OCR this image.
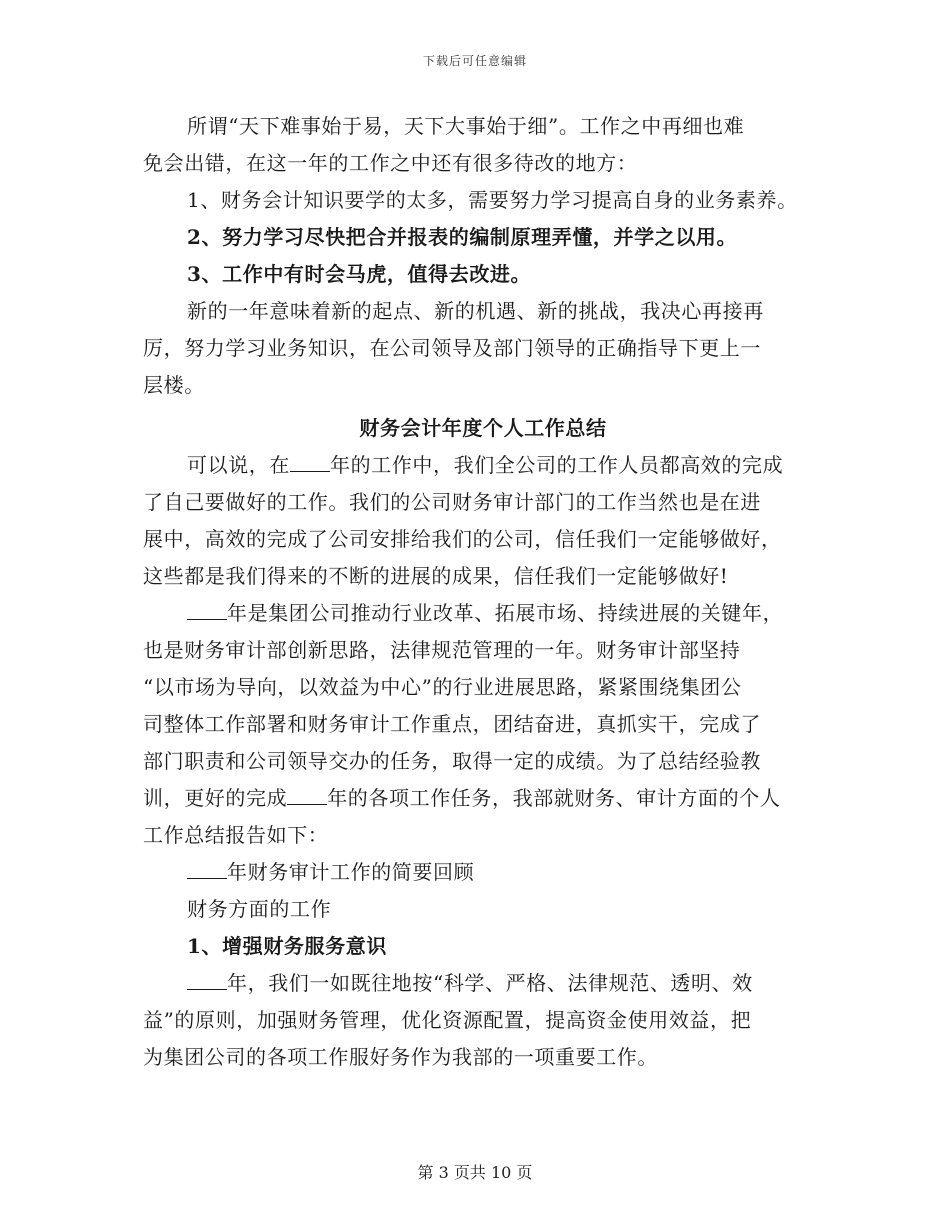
下载后可任意编辑
所谓“天下难事始于易，天下大事始于细”。工作之中再细也难
免会出错，在这一年的工作之中还有很多待改的地方：
1、财务会计知识要学的太多，需要努力学习提高自身的业务素养。
2、努力学习尽快把合并报表的编制原理弄懂，并学之以用。
3、工作中有时会马虎，值得去改进。
新的一年意味着新的起点、新的机遇、新的挑战，我决心再接再
厉，努力学习业务知识，在公司领导及部门领导的正确指导下更上一
层楼。
财务会计年度个人工作总结
可以说，在 年的工作中，我们全公司的工作人员都高效的完成
了自己要做好的工作。我们的公司财务审计部门的工作当然也是在进
展中，高效的完成了公司安排给我们的公司，信任我们一定能够做好，
这些都是我们得来的不断的进展的成果，信任我们一定能够做好!
年是集团公司推动行业改革、拓展市场、持续进展的关键年，
也是财务审计部创新思路，法律规范管理的一年。财务审计部坚持
“以市场为导向，以效益为中心”的行业进展思路，紧紧围绕集团公
司整体工作部署和财务审计工作重点，团结奋进，真抓实干，完成了
部门职责和公司领导交办的任务，取得一定的成绩。为了总结经验教
训，更好的完成 年的各项工作任务，我部就财务、审计方面的个人
工作总结报告如下：
年财务审计工作的简要回顾
财务方面的工作
1、增强财务服务意识
年，我们一如既往地按“科学、严格、法律规范、透明、效
益”的原则，加强财务管理，优化资源配置，提高资金使用效益，把
为集团公司的各项工作服好务作为我部的一项重要工作。
第 3 页共 10 页
